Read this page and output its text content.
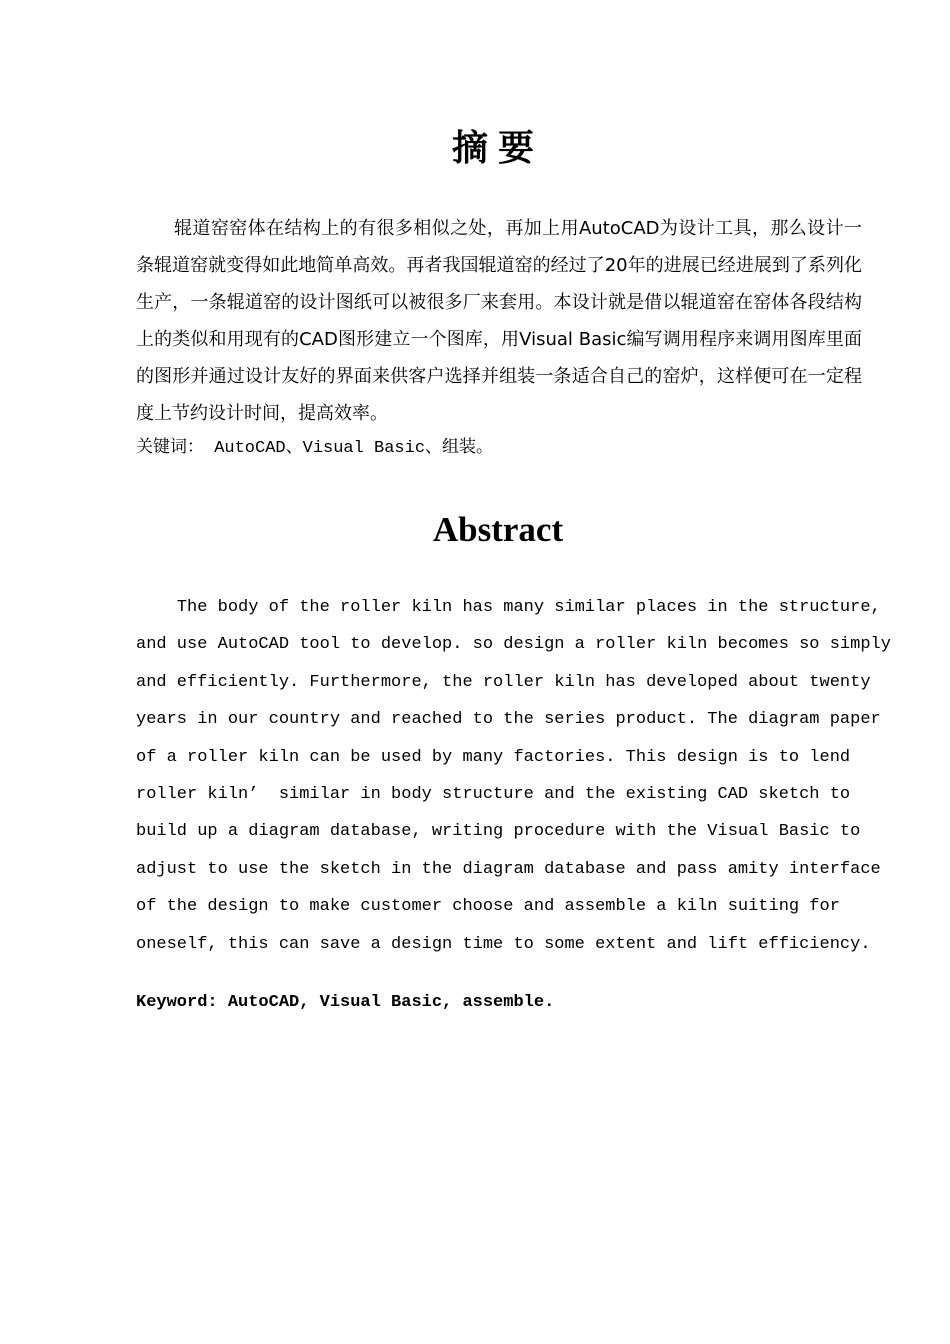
摘要

辊道窑窑体在结构上的有很多相似之处，再加上用AutoCAD为设计工具，那么设计一条辊道窑就变得如此地简单高效。再者我国辊道窑的经过了20年的进展已经进展到了系列化生产，一条辊道窑的设计图纸可以被很多厂来套用。本设计就是借以辊道窑在窑体各段结构上的类似和用现有的CAD图形建立一个图库，用Visual Basic编写调用程序来调用图库里面的图形并通过设计友好的界面来供客户选择并组装一条适合自己的窑炉，这样便可在一定程度上节约设计时间，提高效率。

关键词： AutoCAD、Visual Basic、组装。

Abstract
The body of the roller kiln has many similar places in the structure,
and use AutoCAD tool to develop. so design a roller kiln becomes so simply
and efficiently. Furthermore, the roller kiln has developed about twenty
years in our country and reached to the series product. The diagram paper
of a roller kiln can be used by many factories. This design is to lend
roller kiln’  similar in body structure and the existing CAD sketch to
build up a diagram database, writing procedure with the Visual Basic to
adjust to use the sketch in the diagram database and pass amity interface
of the design to make customer choose and assemble a kiln suiting for
oneself, this can save a design time to some extent and lift efficiency.

Keyword: AutoCAD, Visual Basic, assemble.
